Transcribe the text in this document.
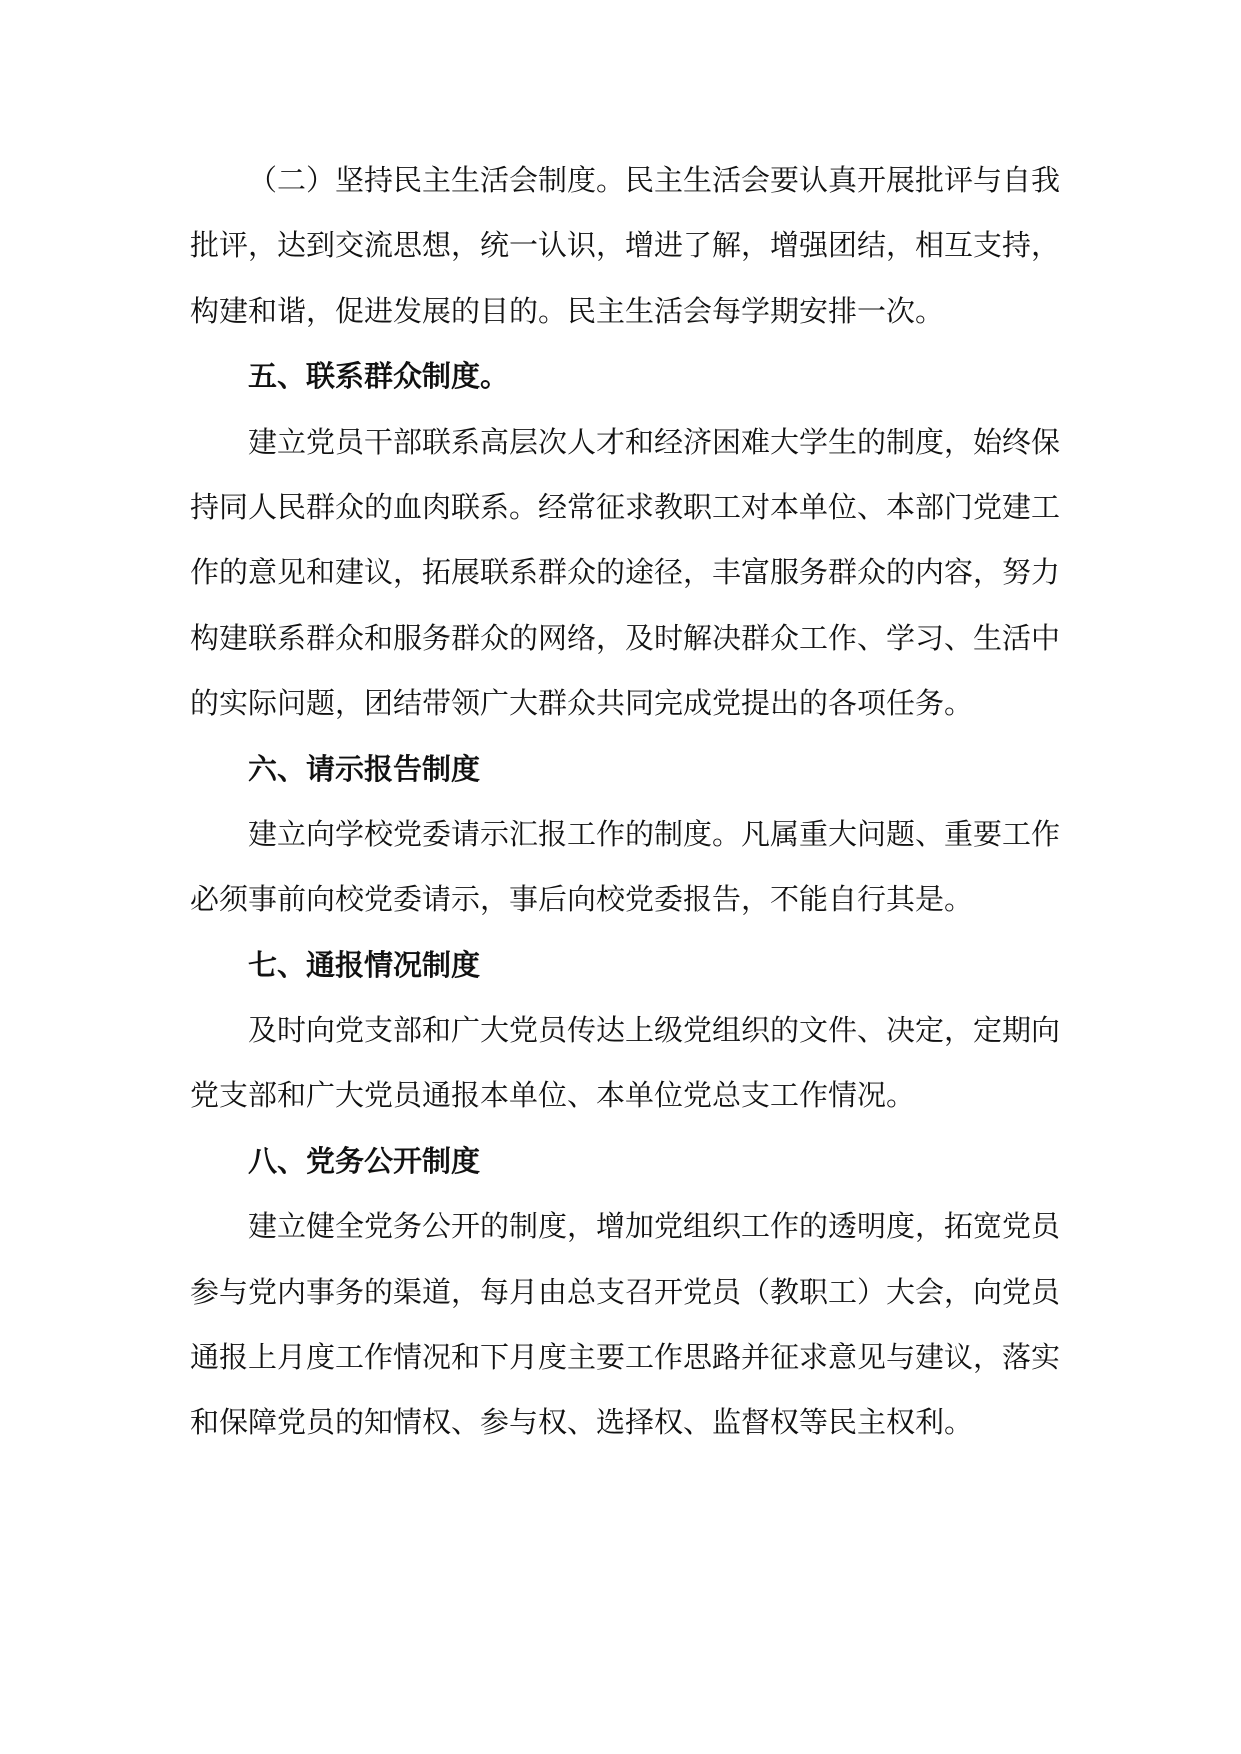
（二）坚持民主生活会制度。民主生活会要认真开展批评与自我
批评，达到交流思想，统一认识，增进了解，增强团结，相互支持，
构建和谐，促进发展的目的。民主生活会每学期安排一次。
五、联系群众制度。
建立党员干部联系高层次人才和经济困难大学生的制度，始终保
持同人民群众的血肉联系。经常征求教职工对本单位、本部门党建工
作的意见和建议，拓展联系群众的途径，丰富服务群众的内容，努力
构建联系群众和服务群众的网络，及时解决群众工作、学习、生活中
的实际问题，团结带领广大群众共同完成党提出的各项任务。
六、请示报告制度
建立向学校党委请示汇报工作的制度。凡属重大问题、重要工作
必须事前向校党委请示，事后向校党委报告，不能自行其是。
七、通报情况制度
及时向党支部和广大党员传达上级党组织的文件、决定，定期向
党支部和广大党员通报本单位、本单位党总支工作情况。
八、党务公开制度
建立健全党务公开的制度，增加党组织工作的透明度，拓宽党员
参与党内事务的渠道，每月由总支召开党员（教职工）大会，向党员
通报上月度工作情况和下月度主要工作思路并征求意见与建议，落实
和保障党员的知情权、参与权、选择权、监督权等民主权利。
